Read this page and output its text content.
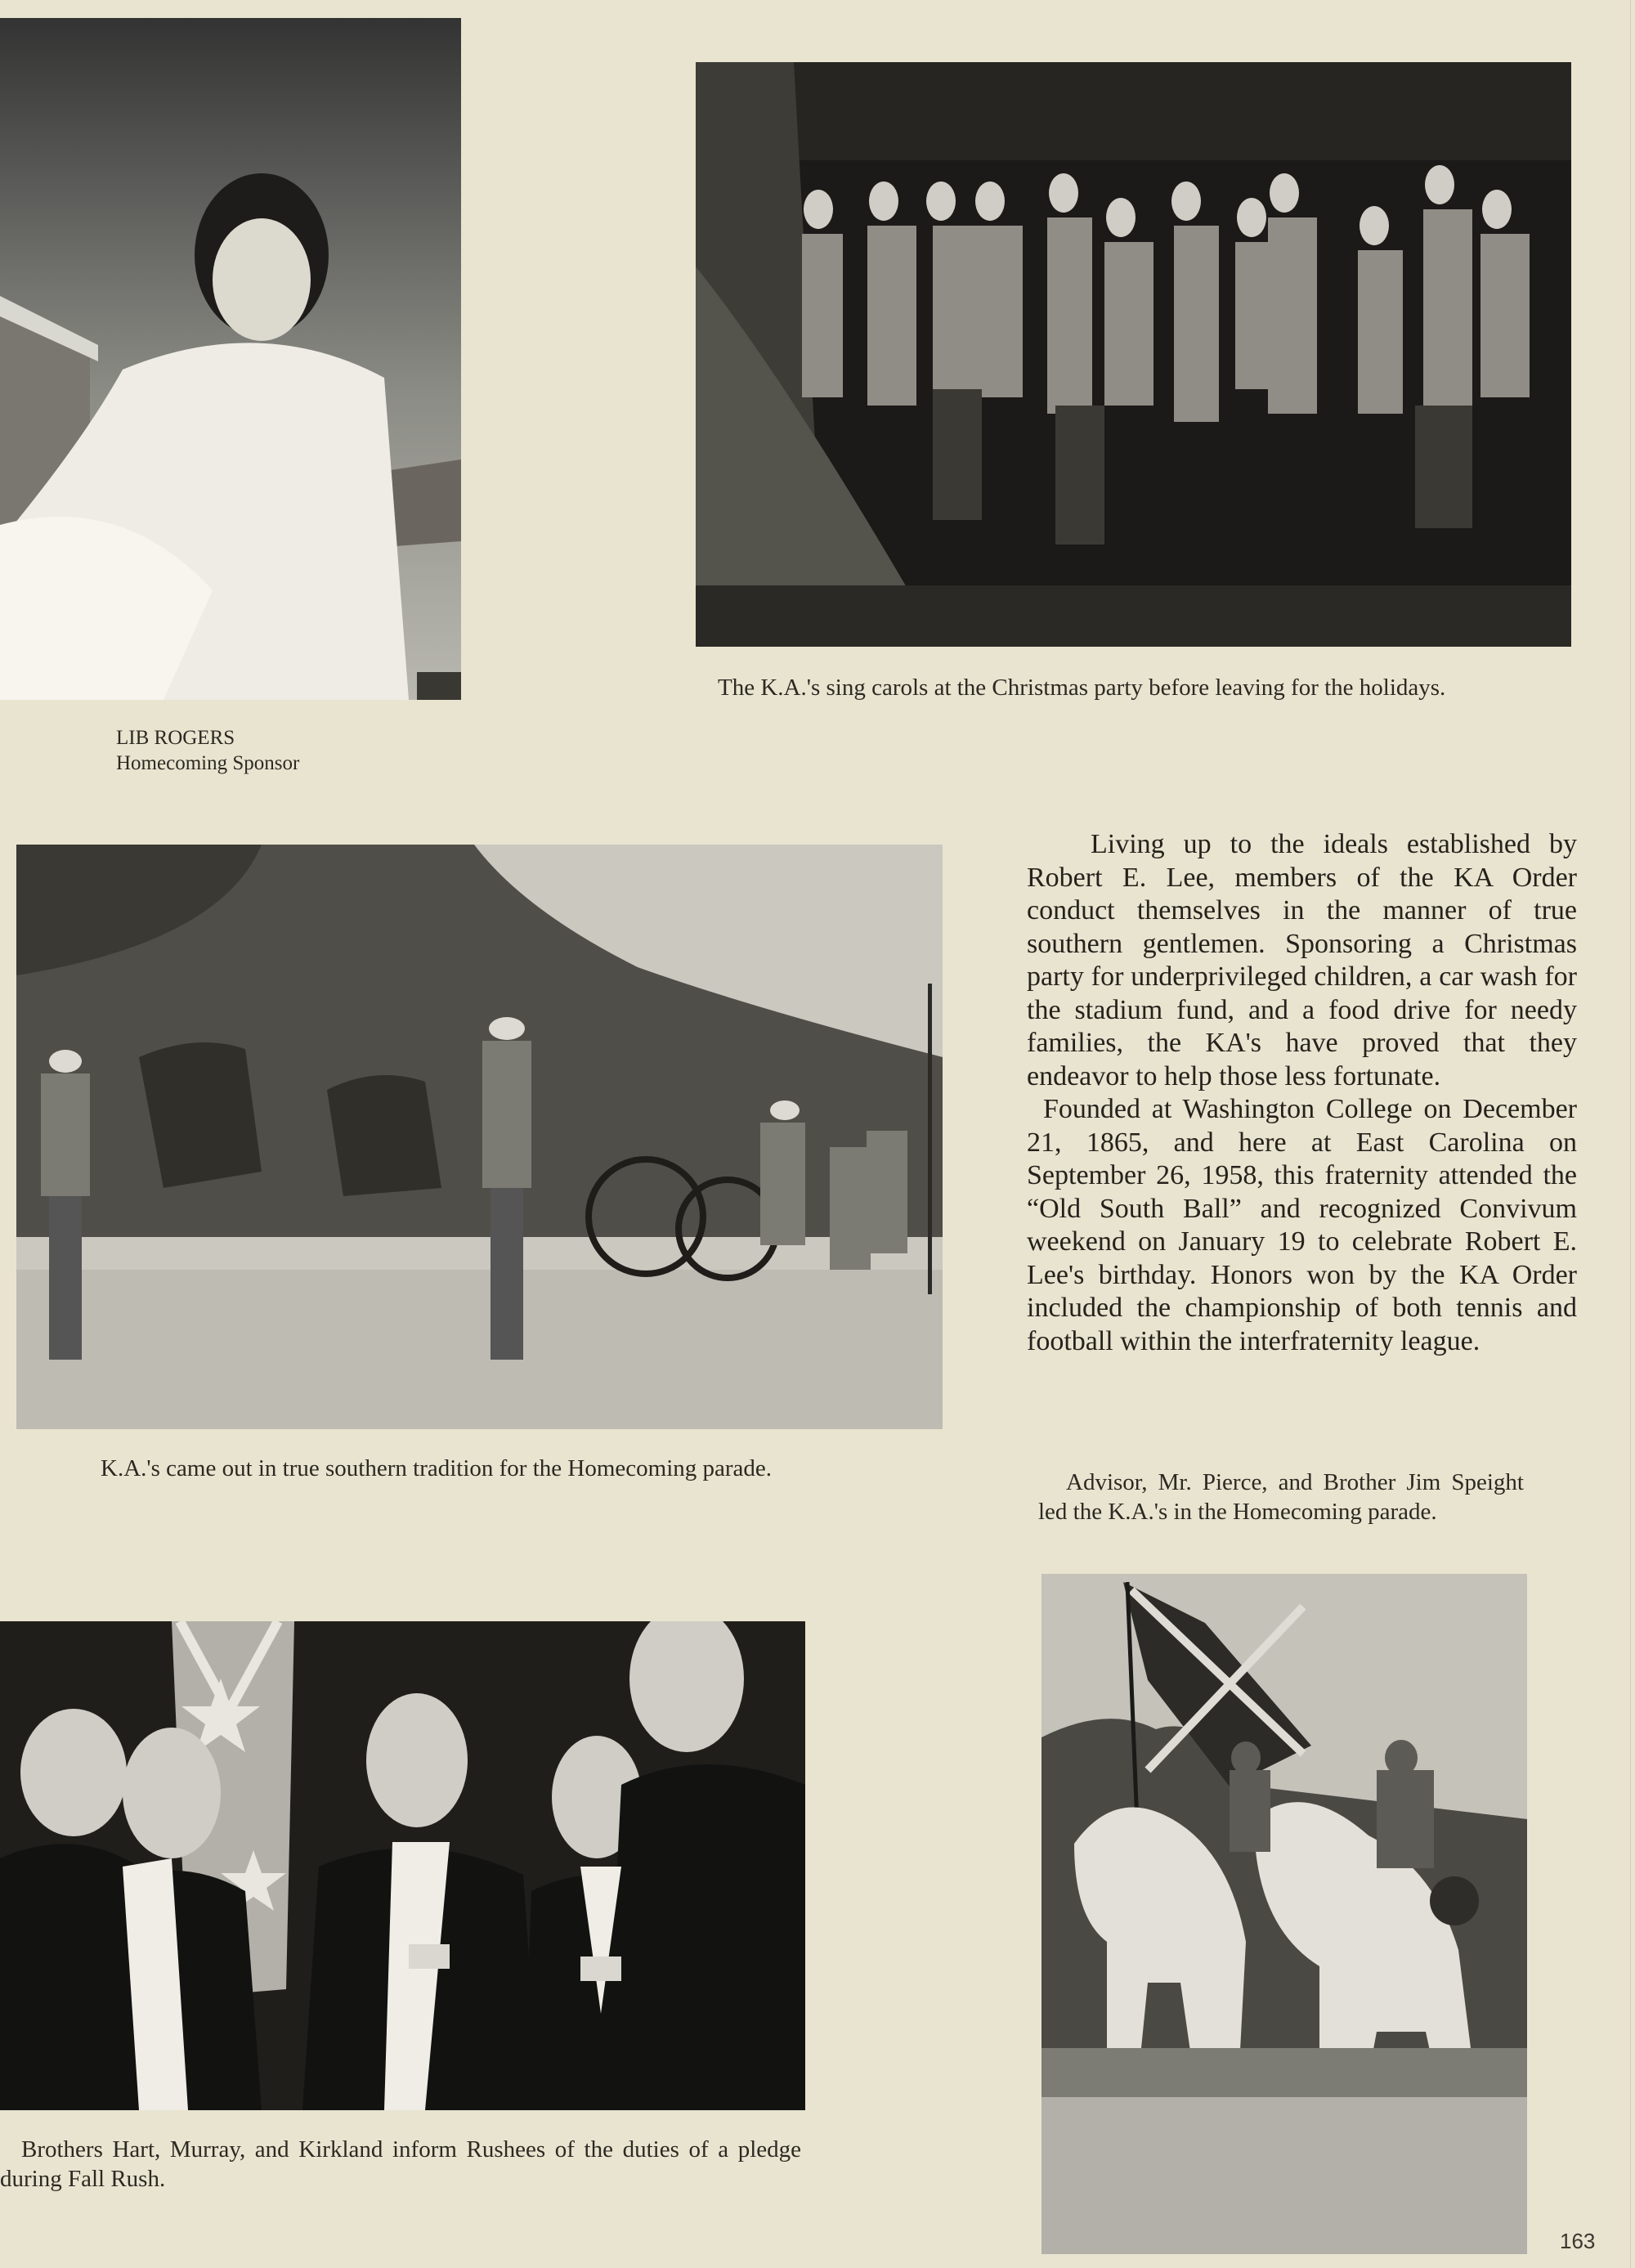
LIB ROGERS
Homecoming Sponsor
The K.A.'s sing carols at the Christmas party before leaving for the holidays.
K.A.'s came out in true southern tradition for the Homecoming parade.

Living up to the ideals established by Robert E. Lee, members of the KA Order conduct themselves in the manner of true southern gentlemen. Sponsoring a Christmas party for underprivileged children, a car wash for the stadium fund, and a food drive for needy families, the KA's have proved that they endeavor to help those less fortunate.

Founded at Washington College on December 21, 1865, and here at East Carolina on September 26, 1958, this fraternity attended the “Old South Ball” and recognized Convivum weekend on January 19 to celebrate Robert E. Lee's birthday. Honors won by the KA Order included the championship of both tennis and football within the interfraternity league.

Advisor, Mr. Pierce, and Brother Jim Speight led the K.A.'s in the Homecoming parade.
Brothers Hart, Murray, and Kirkland inform Rushees of the duties of a pledge during Fall Rush.
163
